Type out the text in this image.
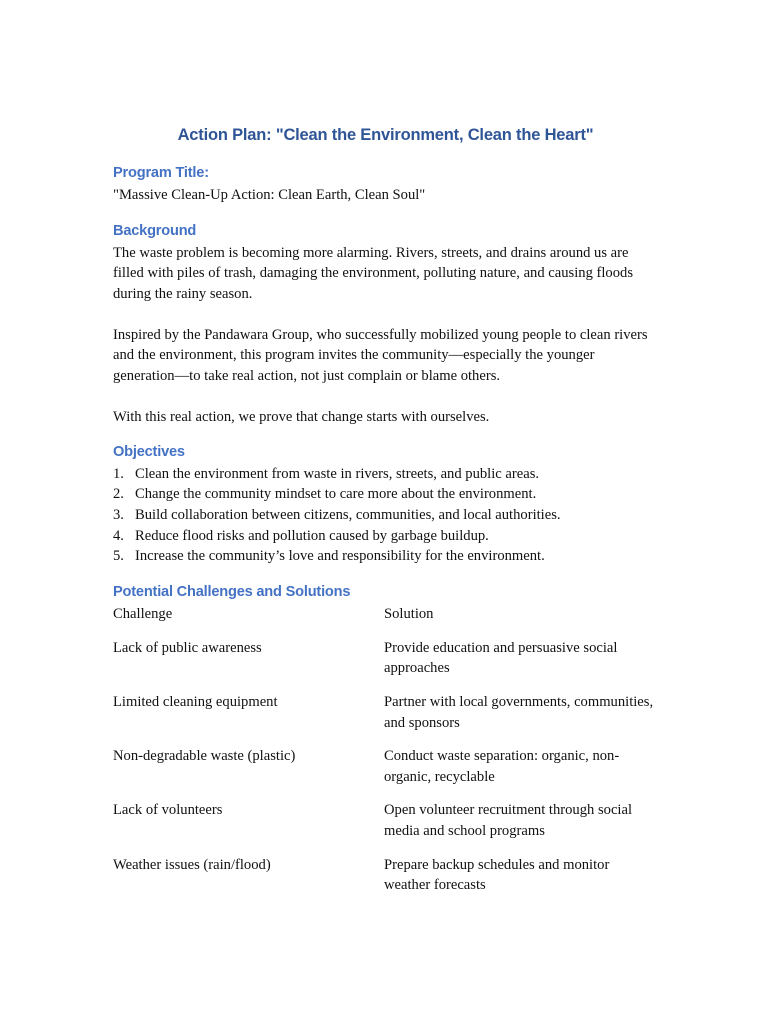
Action Plan: "Clean the Environment, Clean the Heart"
Program Title:

"Massive Clean-Up Action: Clean Earth, Clean Soul"

Background

The waste problem is becoming more alarming. Rivers, streets, and drains around us are filled with piles of trash, damaging the environment, polluting nature, and causing floods during the rainy season.

Inspired by the Pandawara Group, who successfully mobilized young people to clean rivers and the environment, this program invites the community—especially the younger generation—to take real action, not just complain or blame others.

With this real action, we prove that change starts with ourselves.

Objectives
1. Clean the environment from waste in rivers, streets, and public areas.
2. Change the community mindset to care more about the environment.
3. Build collaboration between citizens, communities, and local authorities.
4. Reduce flood risks and pollution caused by garbage buildup.
5. Increase the community’s love and responsibility for the environment.
Potential Challenges and Solutions

Challenge	Solution

Lack of public awareness	Provide education and persuasive social approaches

Limited cleaning equipment	Partner with local governments, communities, and sponsors

Non-degradable waste (plastic)	Conduct waste separation: organic, non-organic, recyclable

Lack of volunteers	Open volunteer recruitment through social media and school programs

Weather issues (rain/flood)	Prepare backup schedules and monitor weather forecasts
